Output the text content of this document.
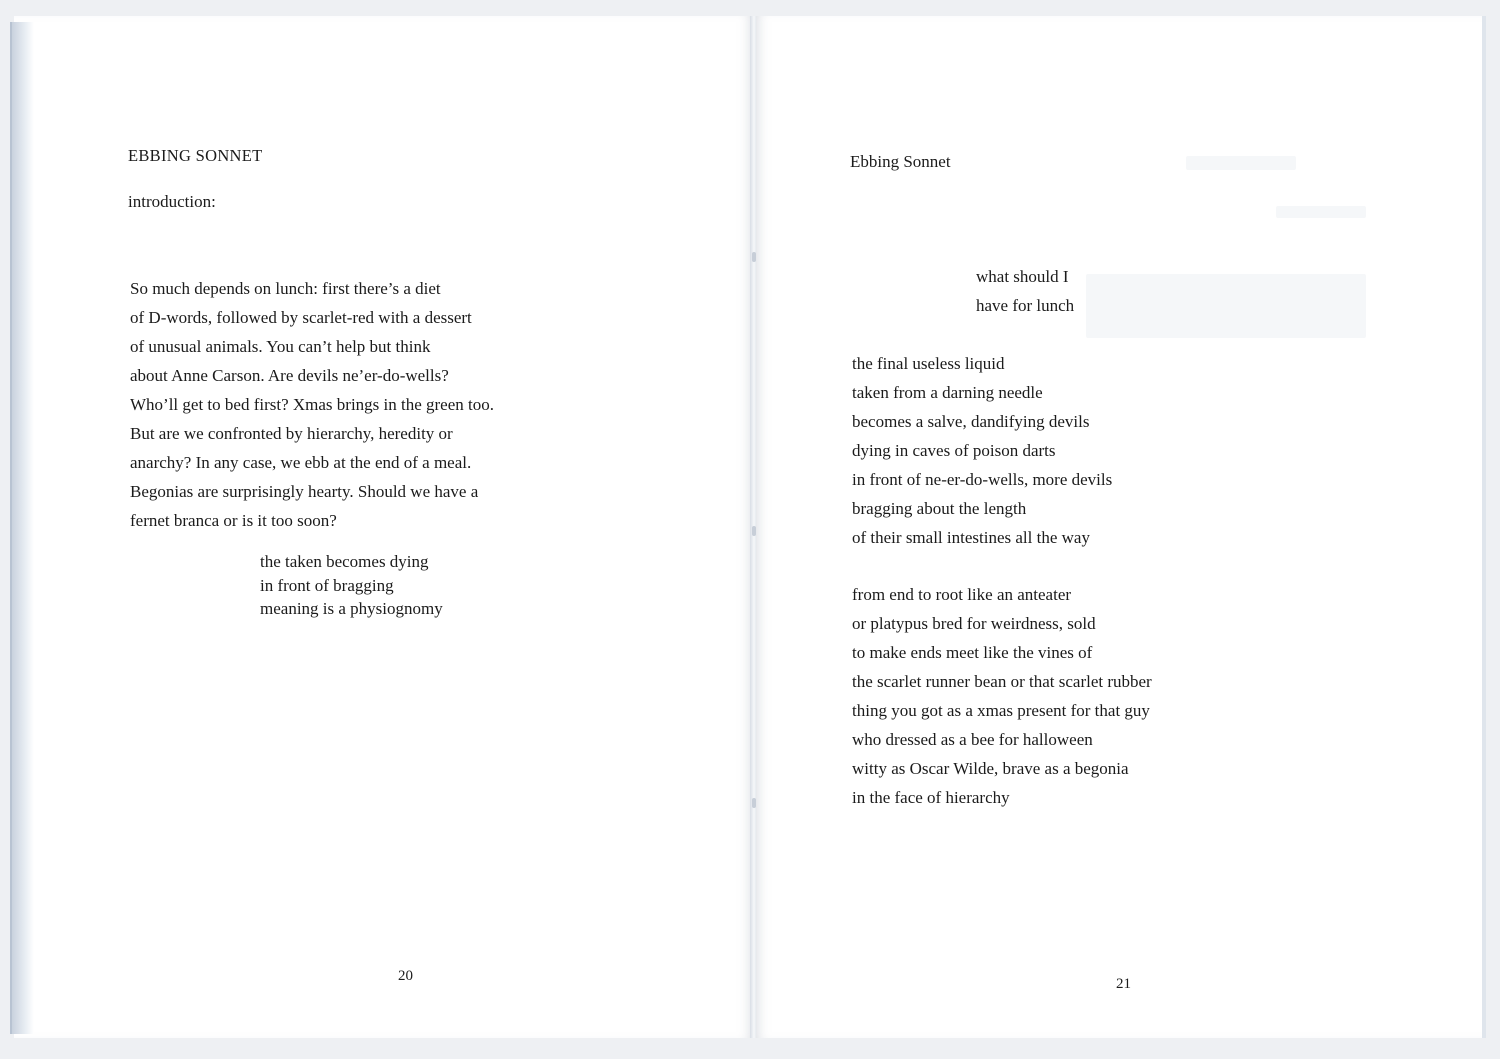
EBBING SONNET
introduction:
So much depends on lunch: first there’s a diet
of D-words, followed by scarlet-red with a dessert
of unusual animals. You can’t help but think
about Anne Carson. Are devils ne’er-do-wells?
Who’ll get to bed first? Xmas brings in the green too.
But are we confronted by hierarchy, heredity or
anarchy? In any case, we ebb at the end of a meal.
Begonias are surprisingly hearty. Should we have a
fernet branca or is it too soon?
the taken becomes dying
in front of bragging
meaning is a physiognomy
20
Ebbing Sonnet
what should I
have for lunch
the final useless liquid
taken from a darning needle
becomes a salve, dandifying devils
dying in caves of poison darts
in front of ne-er-do-wells, more devils
bragging about the length
of their small intestines all the way
from end to root like an anteater
or platypus bred for weirdness, sold
to make ends meet like the vines of
the scarlet runner bean or that scarlet rubber
thing you got as a xmas present for that guy
who dressed as a bee for halloween
witty as Oscar Wilde, brave as a begonia
in the face of hierarchy
21
